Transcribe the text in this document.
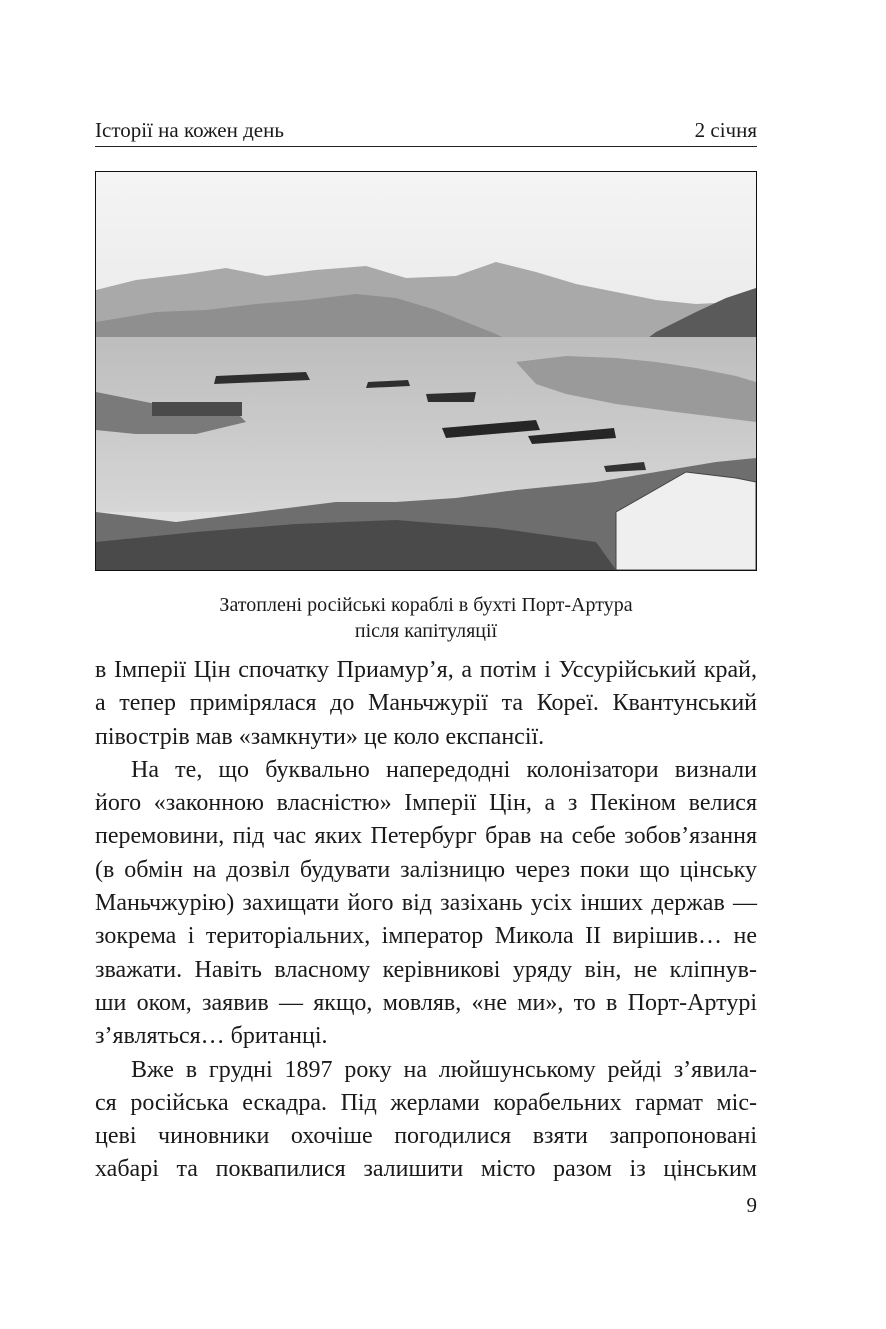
Історії на кожен день	2 січня
Затоплені російські кораблі в бухті Порт-Артура
після капітуляції
в Імперії Цін спочатку Приамур’я, а потім і Уссурійський край,
а тепер примірялася до Маньчжурії та Кореї. Квантунський
півострів мав «замкнути» це коло експансії.
На те, що буквально напередодні колонізатори визнали
його «законною власністю» Імперії Цін, а з Пекіном велися
перемовини, під час яких Петербург брав на себе зобов’язання
(в обмін на дозвіл будувати залізницю через поки що цінську
Маньчжурію) захищати його від зазіхань усіх інших держав —
зокрема і територіальних, імператор Микола ІІ вирішив… не
зважати. Навіть власному керівникові уряду він, не кліпнув-
ши оком, заявив — якщо, мовляв, «не ми», то в Порт-Артурі
з’являться… британці.
Вже в грудні 1897 року на люйшунському рейді з’явила-
ся російська ескадра. Під жерлами корабельних гармат міс-
цеві чиновники охочіше погодилися взяти запропоновані
хабарі та поквапилися залишити місто разом із цінським
9
